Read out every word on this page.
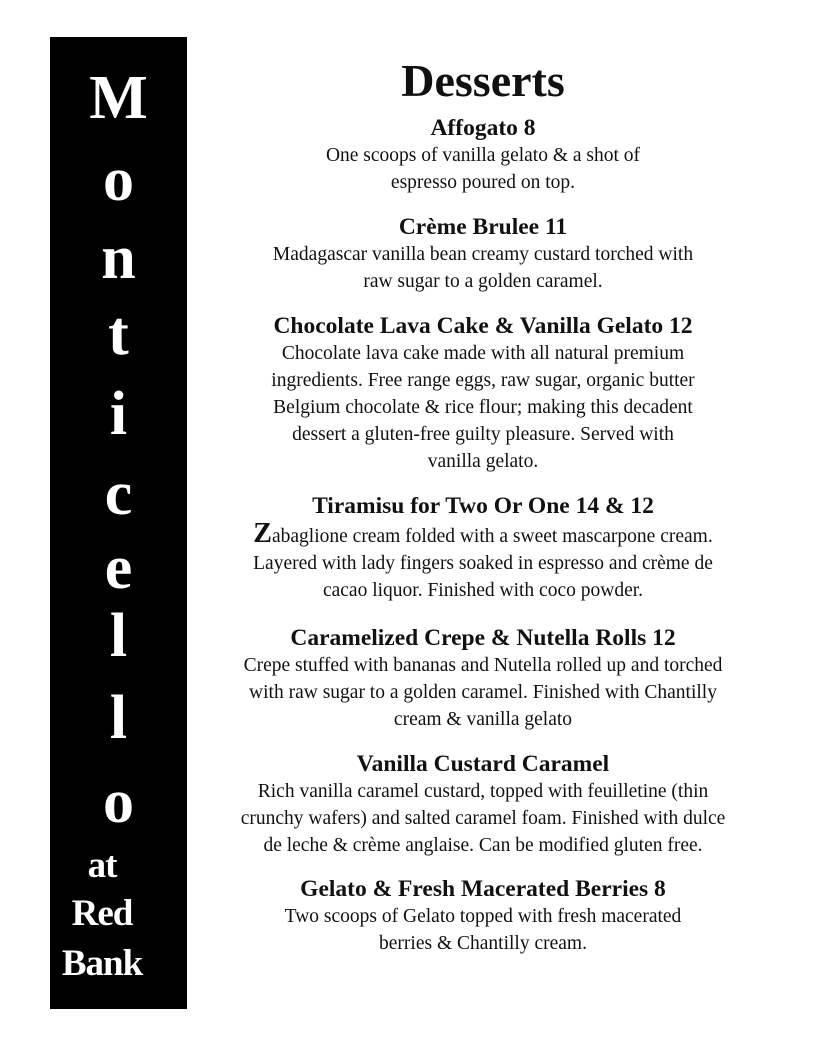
M
o
n
t
i
c
e
l
l
o
at
Red
Bank
Desserts

Affogato 8

One scoops of vanilla gelato & a shot of
espresso poured on top.

Crème Brulee 11

Madagascar vanilla bean creamy custard torched with
raw sugar to a golden caramel.

Chocolate Lava Cake & Vanilla Gelato 12

Chocolate lava cake made with all natural premium
ingredients. Free range eggs, raw sugar, organic butter
Belgium chocolate & rice flour; making this decadent
dessert a gluten-free guilty pleasure. Served with
vanilla gelato.

Tiramisu for Two Or One 14 & 12

Zabaglione cream folded with a sweet mascarpone cream.
Layered with lady fingers soaked in espresso and crème de
cacao liquor. Finished with coco powder.

Caramelized Crepe & Nutella Rolls 12

Crepe stuffed with bananas and Nutella rolled up and torched
with raw sugar to a golden caramel. Finished with Chantilly
cream & vanilla gelato

Vanilla Custard Caramel

Rich vanilla caramel custard, topped with feuilletine (thin
crunchy wafers) and salted caramel foam. Finished with dulce
de leche & crème anglaise. Can be modified gluten free.

Gelato & Fresh Macerated Berries 8

Two scoops of Gelato topped with fresh macerated
berries & Chantilly cream.
